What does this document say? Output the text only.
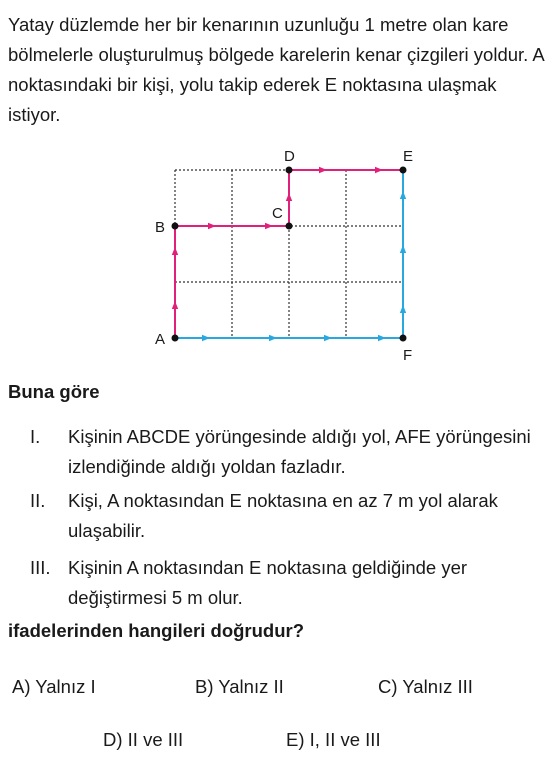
Yatay düzlemde her bir kenarının uzunluğu 1 metre olan kare bölmelerle oluşturulmuş bölgede karelerin kenar çizgileri yoldur. A noktasındaki bir kişi, yolu takip ederek E noktasına ulaşmak istiyor.

A
B
C
D	E
F

Buna göre

I. Kişinin ABCDE yörüngesinde aldığı yol, AFE yörüngesini izlendiğinde aldığı yoldan fazladır.
II. Kişi, A noktasından E noktasına en az 7 m yol alarak ulaşabilir.
III. Kişinin A noktasından E noktasına geldiğinde yer değiştirmesi 5 m olur.

ifadelerinden hangileri doğrudur?

A) Yalnız I	B) Yalnız II	C) Yalnız III
D) II ve III	E) I, II ve III
